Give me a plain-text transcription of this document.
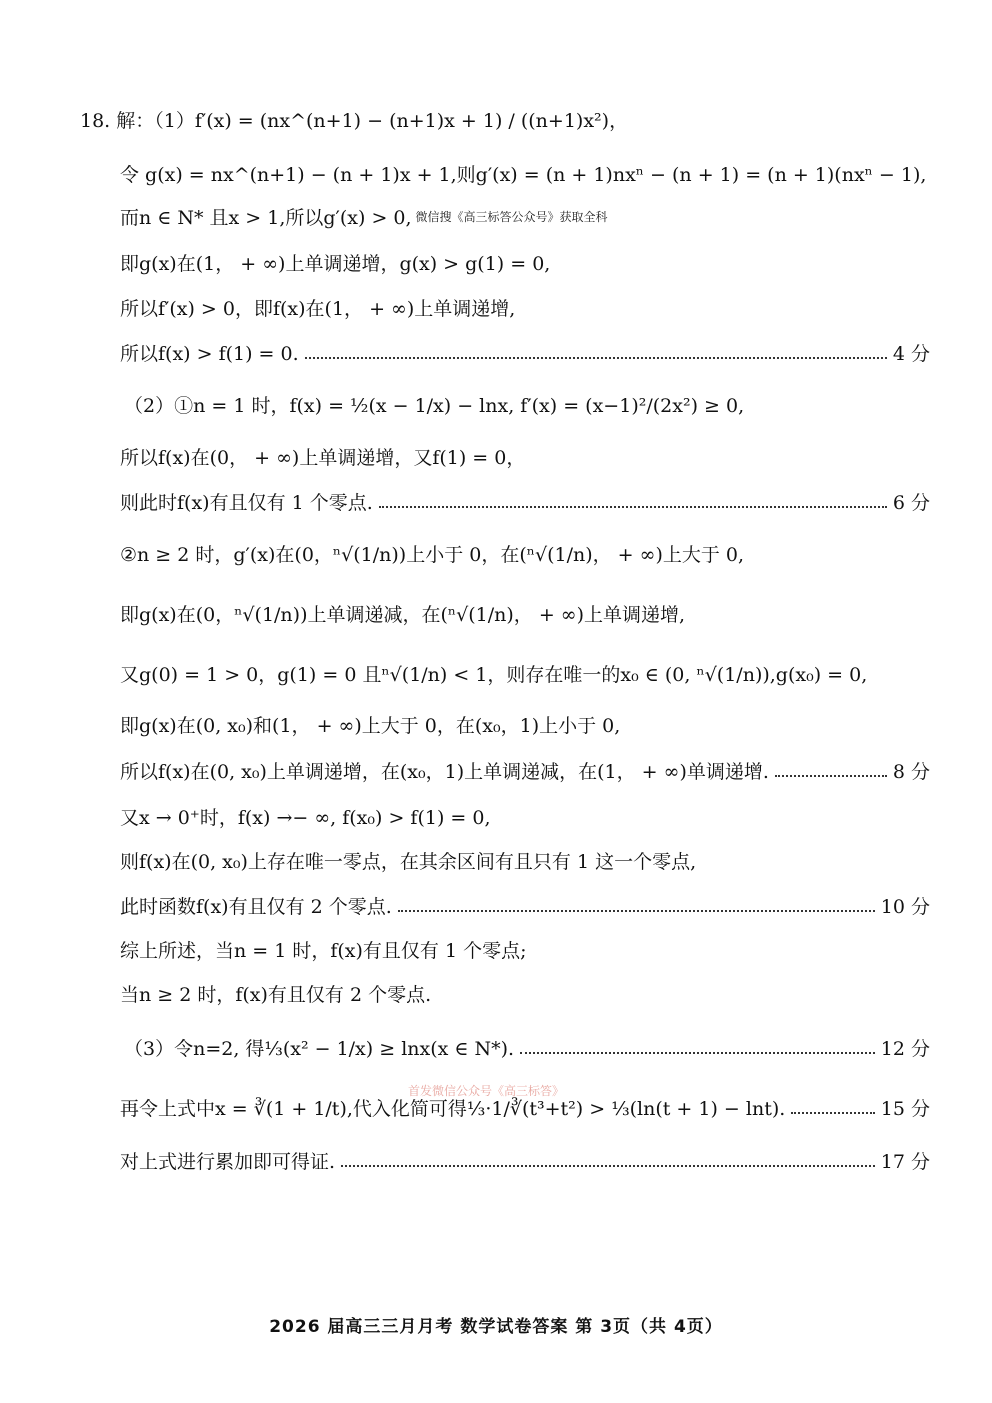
18. 解：（1）f′(x) = (nx^(n+1) − (n+1)x + 1) / ((n+1)x²)，
令 g(x) = nx^(n+1) − (n + 1)x + 1,则g′(x) = (n + 1)nxⁿ − (n + 1) = (n + 1)(nxⁿ − 1),
而n ∈ N* 且x > 1,所以g′(x) > 0, 微信搜《高三标答公众号》获取全科
即g(x)在(1， + ∞)上单调递增，g(x) > g(1) = 0,
所以f′(x) > 0，即f(x)在(1， + ∞)上单调递增,
所以f(x) > f(1) = 0.	4 分
（2）①n = 1 时，f(x) = ½(x − 1/x) − lnx, f′(x) = (x−1)²/(2x²) ≥ 0,
所以f(x)在(0， + ∞)上单调递增，又f(1) = 0，
则此时f(x)有且仅有 1 个零点.	6 分
②n ≥ 2 时，g′(x)在(0，ⁿ√(1/n))上小于 0，在(ⁿ√(1/n)， + ∞)上大于 0,
即g(x)在(0，ⁿ√(1/n))上单调递减，在(ⁿ√(1/n)， + ∞)上单调递增,
又g(0) = 1 > 0，g(1) = 0 且ⁿ√(1/n) < 1，则存在唯一的x₀ ∈ (0, ⁿ√(1/n)),g(x₀) = 0,
即g(x)在(0, x₀)和(1， + ∞)上大于 0，在(x₀，1)上小于 0,
所以f(x)在(0, x₀)上单调递增，在(x₀，1)上单调递减，在(1， + ∞)单调递增.	8 分
又x → 0⁺时，f(x) →− ∞, f(x₀) > f(1) = 0,
则f(x)在(0, x₀)上存在唯一零点，在其余区间有且只有 1 这一个零点,
此时函数f(x)有且仅有 2 个零点.	10 分
综上所述，当n = 1 时，f(x)有且仅有 1 个零点;
当n ≥ 2 时，f(x)有且仅有 2 个零点.
（3）令n=2, 得⅓(x² − 1/x) ≥ lnx(x ∈ N*).	12 分
首发微信公众号《高三标答》
再令上式中x = ∛(1 + 1/t),代入化简可得⅓·1/∛(t³+t²) > ⅓(ln(t + 1) − lnt).	15 分
对上式进行累加即可得证.	17 分
2026 届高三三月月考 数学试卷答案 第 3页（共 4页）
